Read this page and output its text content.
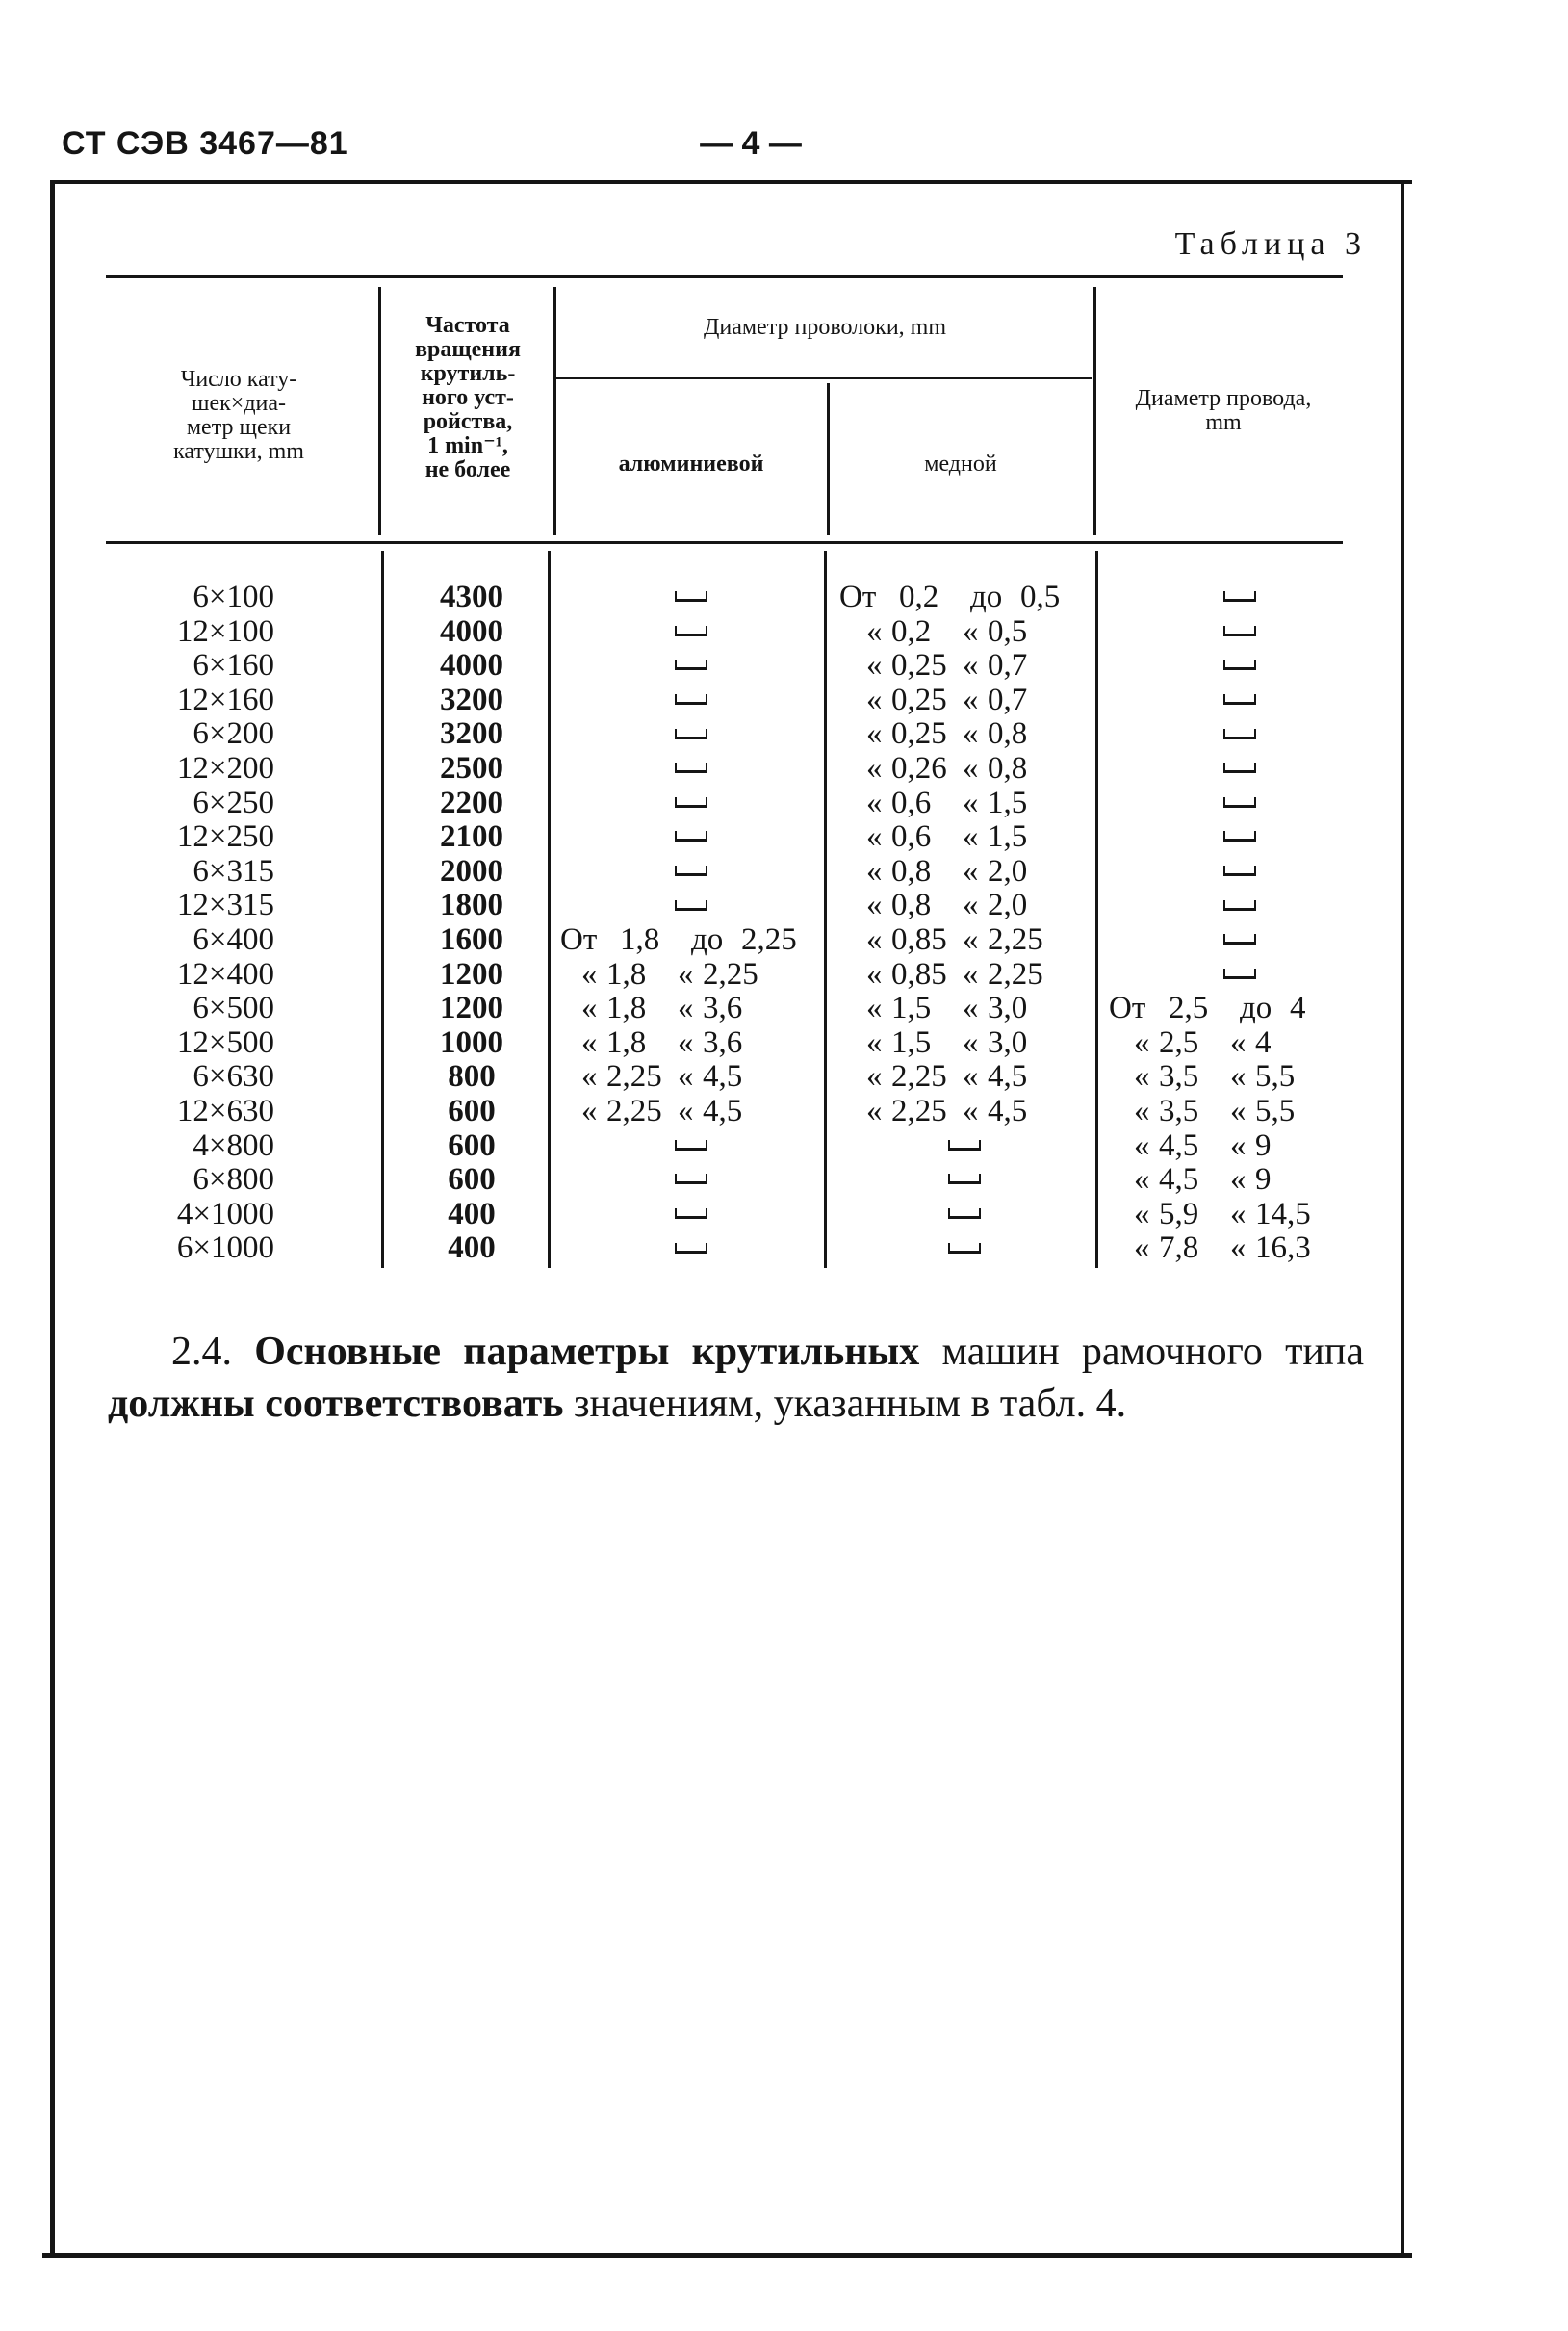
СТ СЭВ 3467—81	— 4 —
Таблица 3
Число кату-
шек×диа-
метр щеки
катушки, mm
Частота
вращения
крутиль-
ного уст-
ройства,
1 min⁻¹,
не более
Диаметр проволоки, mm
алюминиевой	медной
Диаметр провода,
mm
6×100
12×100
6×160
12×160
6×200
12×200
6×250
12×250
6×315
12×315
6×400
12×400
6×500
12×500
6×630
12×630
4×800
6×800
4×1000
6×1000
4300
4000
4000
3200
3200
2500
2200
2100
2000
1800
1600
1200
1200
1000
800
600
600
600
400
400
От 1,8 до 2,25
« 1,8 « 2,25
« 1,8 « 3,6
« 1,8 « 3,6
« 2,25 « 4,5
« 2,25 « 4,5
От 0,2 до 0,5
« 0,2 « 0,5
« 0,25 « 0,7
« 0,25 « 0,7
« 0,25 « 0,8
« 0,26 « 0,8
« 0,6 « 1,5
« 0,6 « 1,5
« 0,8 « 2,0
« 0,8 « 2,0
« 0,85 « 2,25
« 0,85 « 2,25
« 1,5 « 3,0
« 1,5 « 3,0
« 2,25 « 4,5
« 2,25 « 4,5
От 2,5 до 4
« 2,5 « 4
« 3,5 « 5,5
« 3,5 « 5,5
« 4,5 « 9
« 4,5 « 9
« 5,9 « 14,5
« 7,8 « 16,3

2.4. Основные параметры крутильных машин рамочного типа должны соответствовать значениям, указанным в табл. 4.
